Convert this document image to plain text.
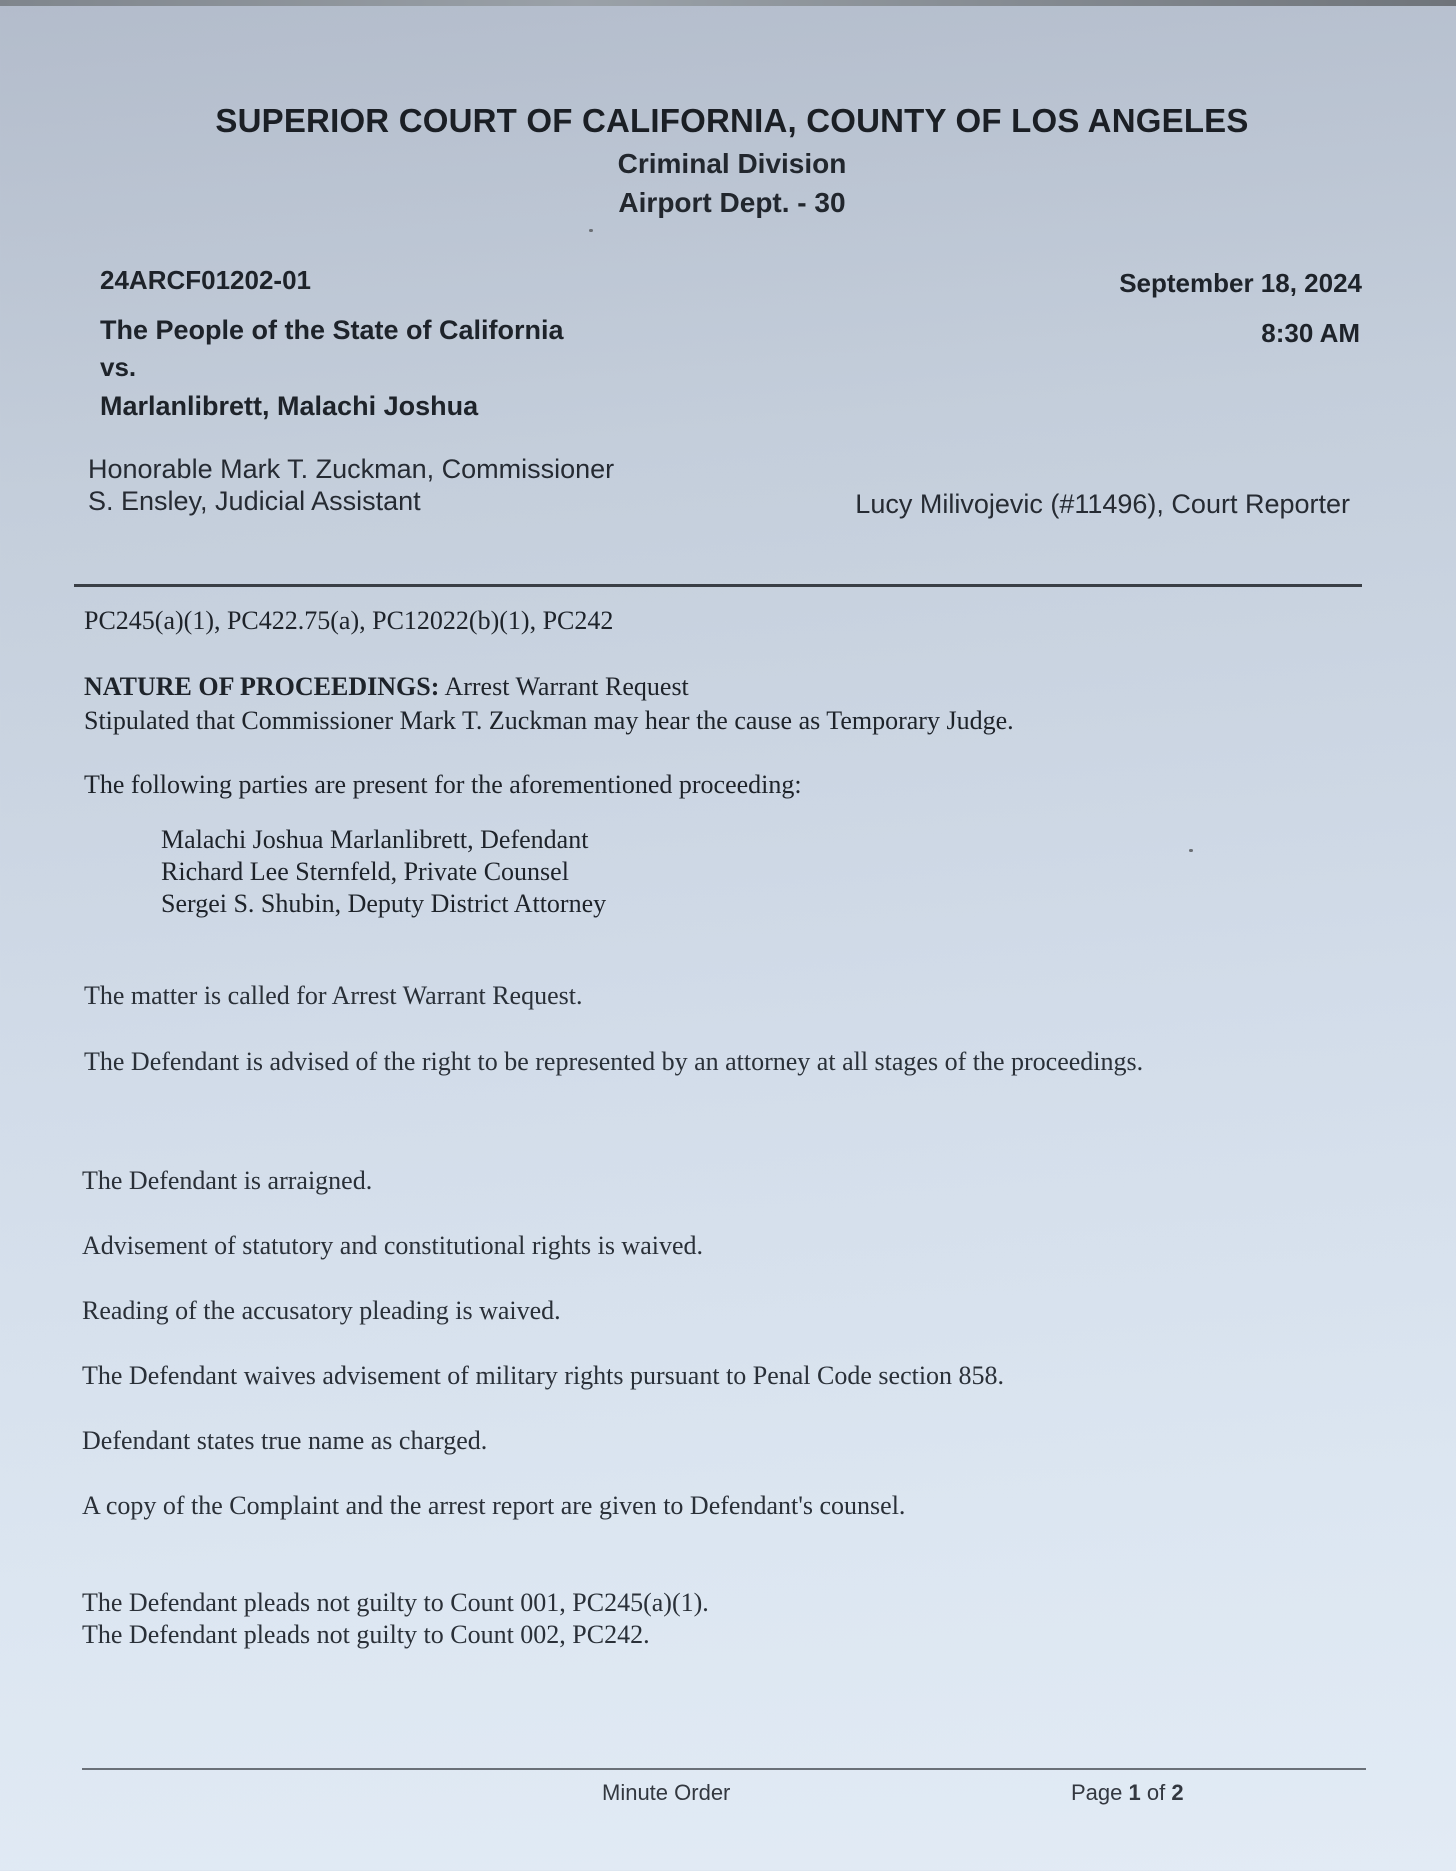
SUPERIOR COURT OF CALIFORNIA, COUNTY OF LOS ANGELES
Criminal Division
Airport Dept. - 30
24ARCF01202-01	September 18, 2024
8:30 AM
The People of the State of California
vs.
Marlanlibrett, Malachi Joshua
Honorable Mark T. Zuckman, Commissioner
S. Ensley, Judicial Assistant	Lucy Milivojevic (#11496), Court Reporter
PC245(a)(1), PC422.75(a), PC12022(b)(1), PC242
NATURE OF PROCEEDINGS: Arrest Warrant Request
Stipulated that Commissioner Mark T. Zuckman may hear the cause as Temporary Judge.
The following parties are present for the aforementioned proceeding:
Malachi Joshua Marlanlibrett, Defendant
Richard Lee Sternfeld, Private Counsel
Sergei S. Shubin, Deputy District Attorney
The matter is called for Arrest Warrant Request.
The Defendant is advised of the right to be represented by an attorney at all stages of the proceedings.
The Defendant is arraigned.
Advisement of statutory and constitutional rights is waived.
Reading of the accusatory pleading is waived.
The Defendant waives advisement of military rights pursuant to Penal Code section 858.
Defendant states true name as charged.
A copy of the Complaint and the arrest report are given to Defendant's counsel.
The Defendant pleads not guilty to Count 001, PC245(a)(1).
The Defendant pleads not guilty to Count 002, PC242.
Minute Order	Page 1 of 2
